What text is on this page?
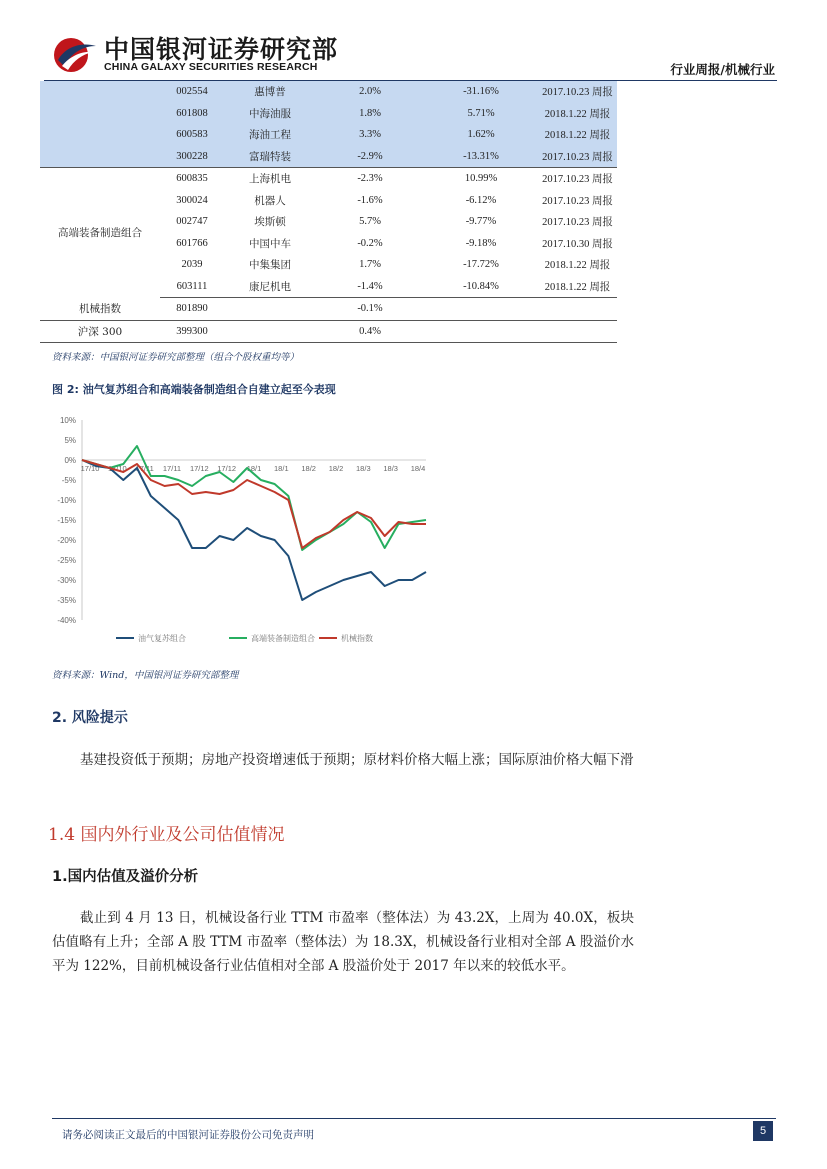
中国银河证券研究部
CHINA GALAXY SECURITIES RESEARCH	行业周报/机械行业
	002554	惠博普	2.0%	-31.16%	2017.10.23 周报
	601808	中海油服	1.8%	5.71%	2018.1.22 周报
	600583	海油工程	3.3%	1.62%	2018.1.22 周报
	300228	富瑞特装	-2.9%	-13.31%	2017.10.23 周报
高端装备制造组合	600835	上海机电	-2.3%	10.99%	2017.10.23 周报
	300024	机器人	-1.6%	-6.12%	2017.10.23 周报
	002747	埃斯顿	5.7%	-9.77%	2017.10.23 周报
	601766	中国中车	-0.2%	-9.18%	2017.10.30 周报
	2039	中集集团	1.7%	-17.72%	2018.1.22 周报
	603111	康尼机电	-1.4%	-10.84%	2018.1.22 周报
机械指数	801890		-0.1%		
沪深 300	399300		0.4%		
资料来源：中国银河证券研究部整理（组合个股权重均等）
图 2: 油气复苏组合和高端装备制造组合自建立起至今表现
10%
5%
0%
-5%
-10%
-15%
-20%
-25%
-30%
-35%
-40%
17/10 17/10 17/11 17/11 17/12 17/12 18/1 18/1 18/2 18/2 18/3 18/3 18/4
油气复苏组合	高端装备制造组合	机械指数
资料来源：Wind，中国银河证券研究部整理
2. 风险提示
基建投资低于预期；房地产投资增速低于预期；原材料价格大幅上涨；国际原油价格大幅下滑
1.4 国内外行业及公司估值情况
1.国内估值及溢价分析
截止到 4 月 13 日，机械设备行业 TTM 市盈率（整体法）为 43.2X，上周为 40.0X，板块估值略有上升；全部 A 股 TTM 市盈率（整体法）为 18.3X，机械设备行业相对全部 A 股溢价水平为 122%，目前机械设备行业估值相对全部 A 股溢价处于 2017 年以来的较低水平。
请务必阅读正文最后的中国银河证券股份公司免责声明	5
